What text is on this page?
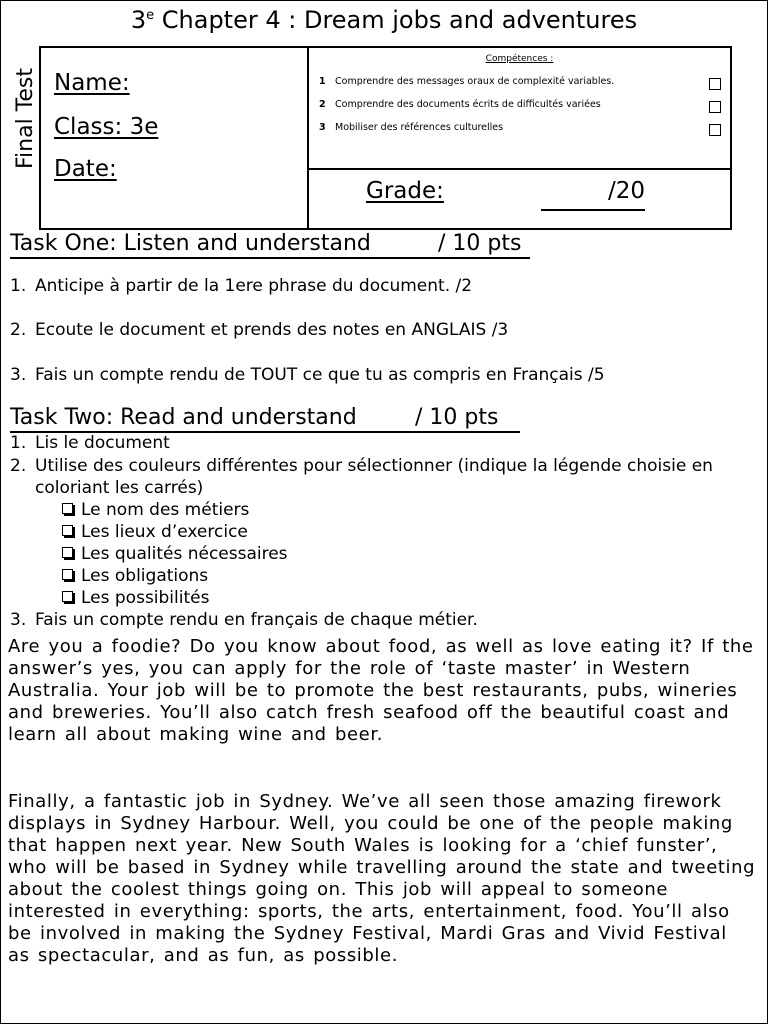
3e Chapter 4 : Dream jobs and adventures
Final Test Name:
Class: 3e
Date:
Compétences :
1 Comprendre des messages oraux de complexité variables.
2 Comprendre des documents écrits de difficultés variées
3 Mobiliser des références culturelles
Grade:	/20
Task One: Listen and understand	/ 10 pts
1. Anticipe à partir de la 1ere phrase du document. /2
2. Ecoute le document et prends des notes en ANGLAIS /3
3. Fais un compte rendu de TOUT ce que tu as compris en Français /5
Task Two: Read and understand	/ 10 pts
1. Lis le document
2. Utilise des couleurs différentes pour sélectionner (indique la légende choisie en coloriant les carrés)
Le nom des métiers
Les lieux d’exercice
Les qualités nécessaires
Les obligations
Les possibilités
3. Fais un compte rendu en français de chaque métier.

Are you a foodie? Do you know about food, as well as love eating it? If the answer’s yes, you can apply for the role of ‘taste master’ in Western Australia. Your job will be to promote the best restaurants, pubs, wineries and breweries. You’ll also catch fresh seafood off the beautiful coast and learn all about making wine and beer.

Finally, a fantastic job in Sydney. We’ve all seen those amazing firework displays in Sydney Harbour. Well, you could be one of the people making that happen next year. New South Wales is looking for a ‘chief funster’, who will be based in Sydney while travelling around the state and tweeting about the coolest things going on. This job will appeal to someone interested in everything: sports, the arts, entertainment, food. You’ll also be involved in making the Sydney Festival, Mardi Gras and Vivid Festival as spectacular, and as fun, as possible.
